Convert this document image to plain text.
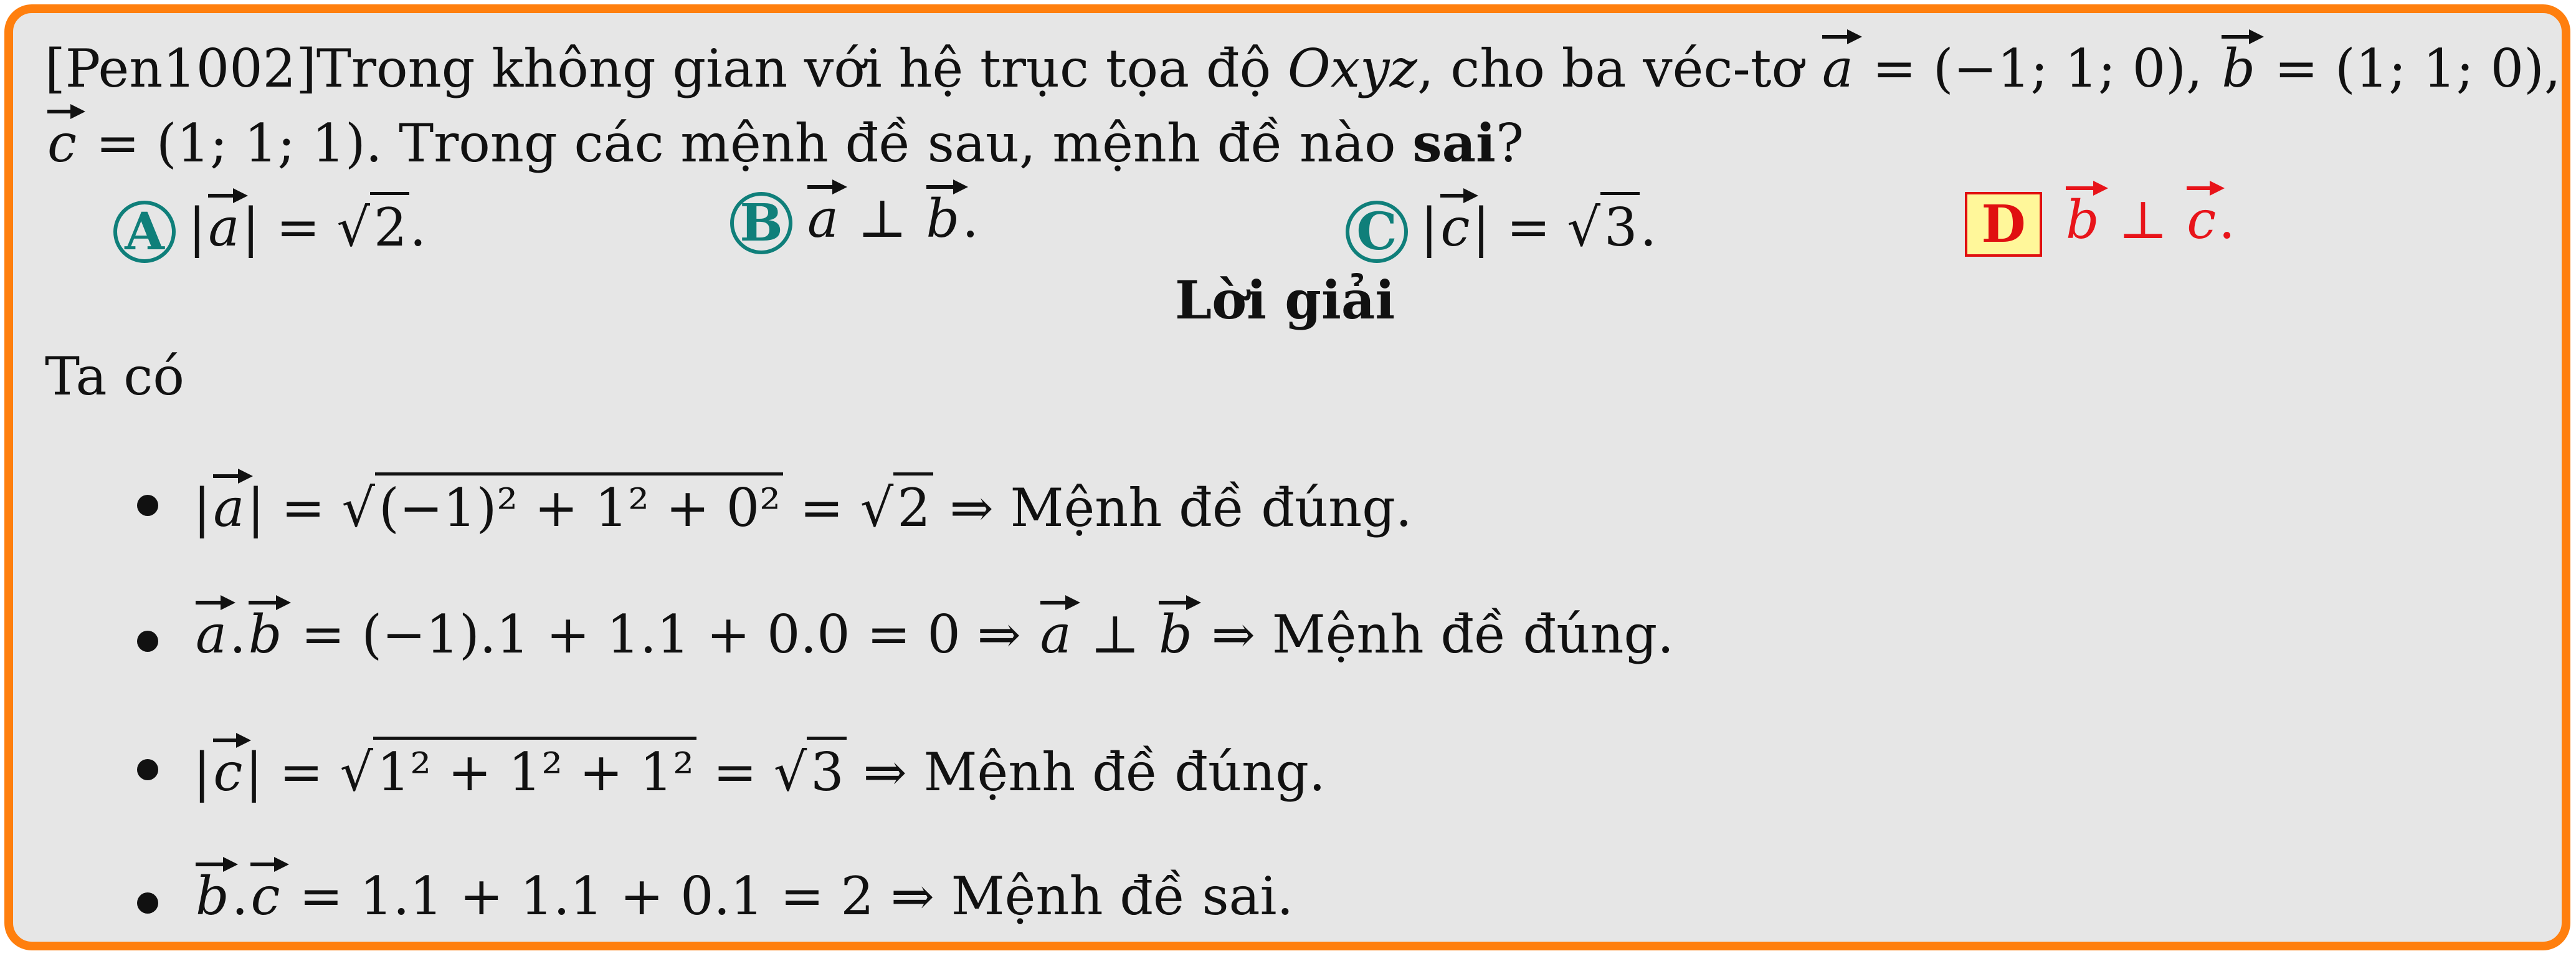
[Pen1002]Trong không gian với hệ trục tọa độ Oxyz, cho ba véc-tơ a = (−1; 1; 0), b = (1; 1; 0),
c = (1; 1; 1). Trong các mệnh đề sau, mệnh đề nào sai?
A |a| = √2.	B a ⊥ b.	C |c| = √3.	D b ⊥ c.
Lời giải
Ta có
|a| = √(−1)² + 1² + 0² = √2 ⇒ Mệnh đề đúng.
a.b = (−1).1 + 1.1 + 0.0 = 0 ⇒ a ⊥ b ⇒ Mệnh đề đúng.
|c| = √1² + 1² + 1² = √3 ⇒ Mệnh đề đúng.
b.c = 1.1 + 1.1 + 0.1 = 2 ⇒ Mệnh đề sai.
